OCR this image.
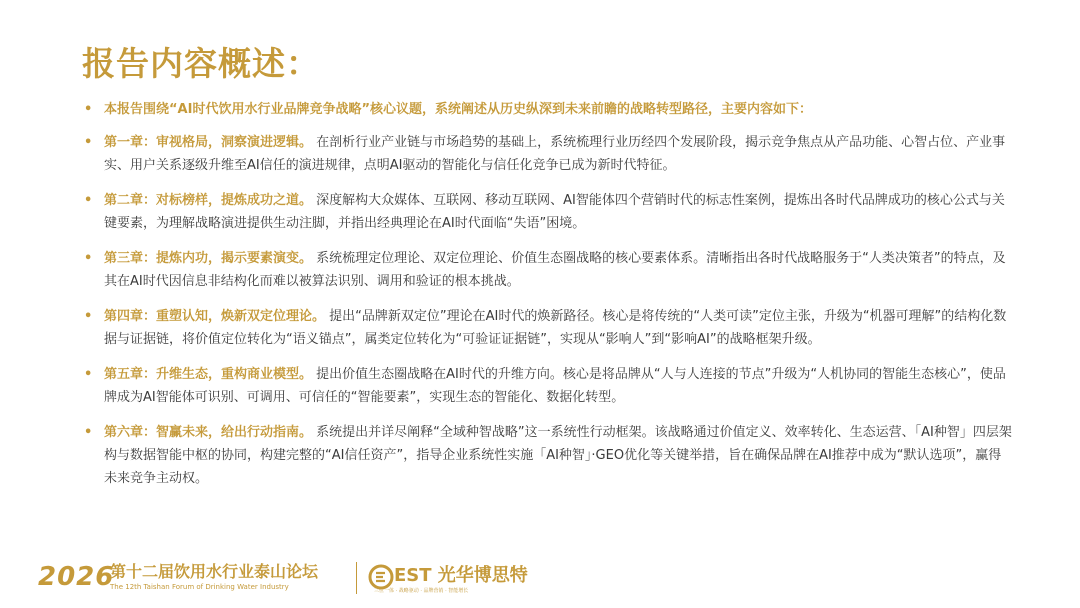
报告内容概述：
• 本报告围绕“AI时代饮用水行业品牌竞争战略”核心议题，系统阐述从历史纵深到未来前瞻的战略转型路径，主要内容如下：
• 第一章：审视格局，洞察演进逻辑。 在剖析行业产业链与市场趋势的基础上，系统梳理行业历经四个发展阶段，揭示竞争焦点从产品功能、心智占位、产业事实、用户关系逐级升维至AI信任的演进规律，点明AI驱动的智能化与信任化竞争已成为新时代特征。
• 第二章：对标榜样，提炼成功之道。 深度解构大众媒体、互联网、移动互联网、AI智能体四个营销时代的标志性案例，提炼出各时代品牌成功的核心公式与关键要素，为理解战略演进提供生动注脚，并指出经典理论在AI时代面临“失语”困境。
• 第三章：提炼内功，揭示要素演变。 系统梳理定位理论、双定位理论、价值生态圈战略的核心要素体系。清晰指出各时代战略服务于“人类决策者”的特点，及其在AI时代因信息非结构化而难以被算法识别、调用和验证的根本挑战。
• 第四章：重塑认知，焕新双定位理论。 提出“品牌新双定位”理论在AI时代的焕新路径。核心是将传统的“人类可读”定位主张，升级为“机器可理解”的结构化数据与证据链，将价值定位转化为“语义锚点”，属类定位转化为“可验证证据链”，实现从“影响人”到“影响AI”的战略框架升级。
• 第五章：升维生态，重构商业模型。 提出价值生态圈战略在AI时代的升维方向。核心是将品牌从“人与人连接的节点”升级为“人机协同的智能生态核心”，使品牌成为AI智能体可识别、可调用、可信任的“智能要素”，实现生态的智能化、数据化转型。
• 第六章：智赢未来，给出行动指南。 系统提出并详尽阐释“全域种智战略”这一系统性行动框架。该战略通过价值定义、效率转化、生态运营、「AI种智」四层架构与数据智能中枢的协同，构建完整的“AI信任资产”，指导企业系统性实施「AI种智」·GEO优化等关键举措，旨在确保品牌在AI推荐中成为“默认选项”，赢得未来竞争主动权。
2026
第十二届饮用水行业泰山论坛
The 12th Taishan Forum of Drinking Water Industry
EST 光华博思特
三位一体 · 战略驱动 · 品牌营销 · 智能增长
